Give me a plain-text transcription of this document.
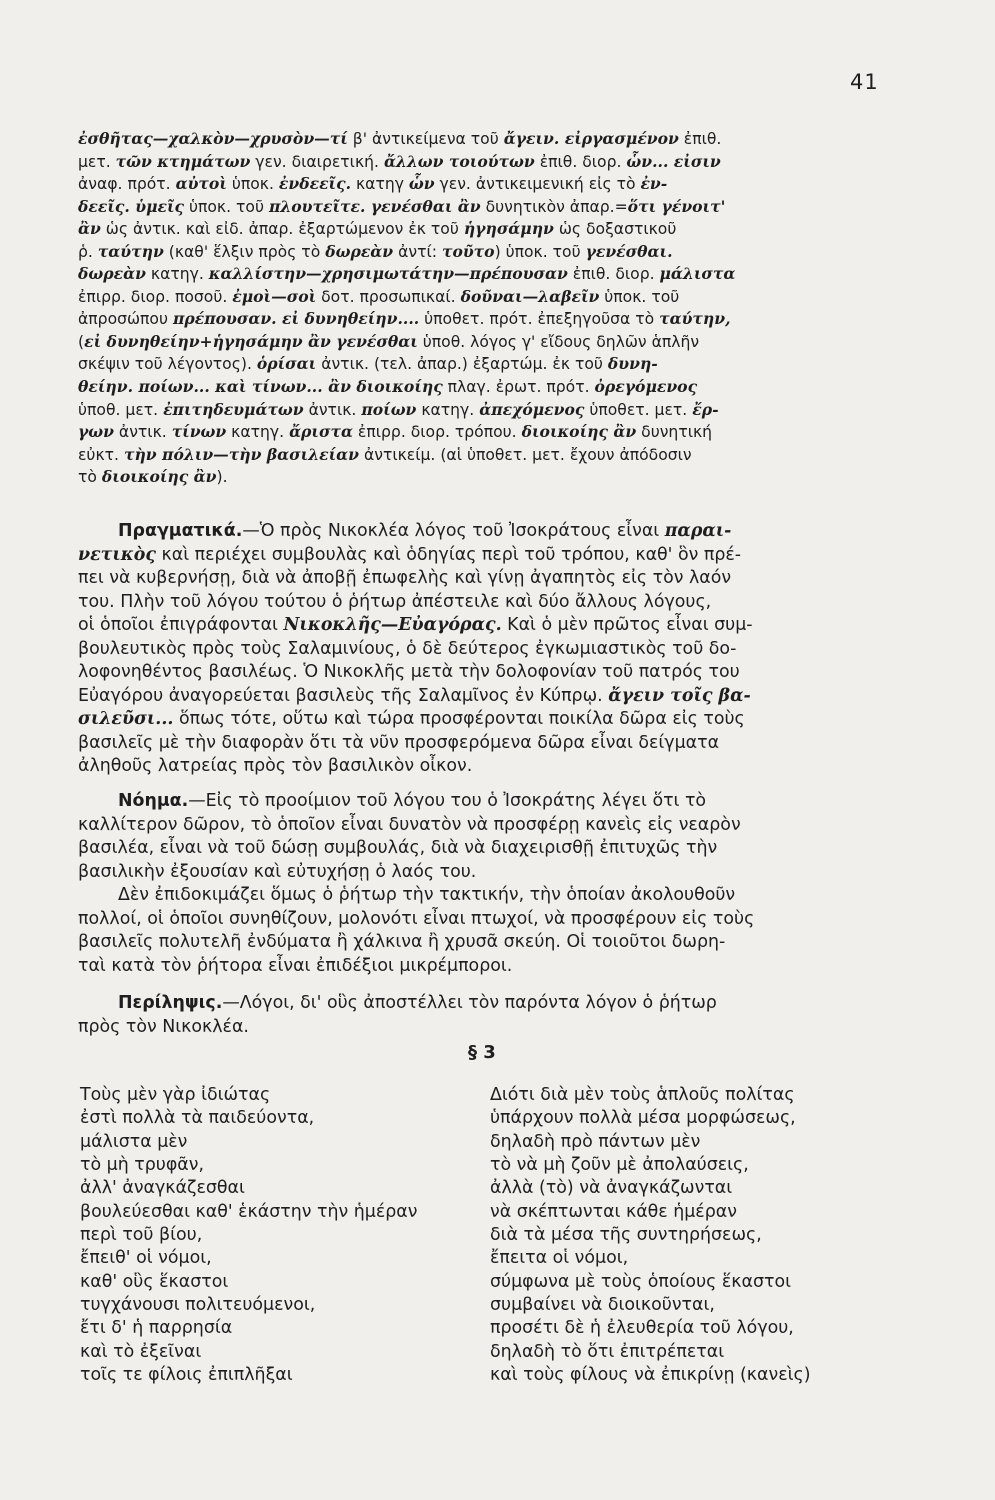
41
ἐσθῆτας—χαλκὸν—χρυσὸν—τί β' ἀντικείμενα τοῦ ἄγειν. εἰργασμένον ἐπιθ.
μετ. τῶν κτημάτων γεν. διαιρετική. ἄλλων τοιούτων ἐπιθ. διορ. ὧν... εἰσιν
ἀναφ. πρότ. αὐτοὶ ὑποκ. ἐνδεεῖς. κατηγ ὧν γεν. ἀντικειμενική εἰς τὸ ἐν-
δεεῖς. ὑμεῖς ὑποκ. τοῦ πλουτεῖτε. γενέσθαι ἂν δυνητικὸν ἀπαρ.=ὅτι γένοιτ'
ἂν ὡς ἀντικ. καὶ εἰδ. ἀπαρ. ἐξαρτώμενον ἐκ τοῦ ἡγησάμην ὡς δοξαστικοῦ
ῥ. ταύτην (καθ' ἕλξιν πρὸς τὸ δωρεὰν ἀντί: τοῦτο) ὑποκ. τοῦ γενέσθαι.
δωρεὰν κατηγ. καλλίστην—χρησιμωτάτην—πρέπουσαν ἐπιθ. διορ. μάλιστα
ἐπιρρ. διορ. ποσοῦ. ἐμοὶ—σοὶ δοτ. προσωπικαί. δοῦναι—λαβεῖν ὑποκ. τοῦ
ἀπροσώπου πρέπουσαν. εἰ δυνηθείην.... ὑποθετ. πρότ. ἐπεξηγοῦσα τὸ ταύτην,
(εἰ δυνηθείην+ἡγησάμην ἂν γενέσθαι ὑποθ. λόγος γ' εἴδους δηλῶν ἁπλῆν
σκέψιν τοῦ λέγοντος). ὁρίσαι ἀντικ. (τελ. ἀπαρ.) ἐξαρτώμ. ἐκ τοῦ δυνη-
θείην. ποίων... καὶ τίνων... ἂν διοικοίης πλαγ. ἐρωτ. πρότ. ὀρεγόμενος
ὑποθ. μετ. ἐπιτηδευμάτων ἀντικ. ποίων κατηγ. ἀπεχόμενος ὑποθετ. μετ. ἔρ-
γων ἀντικ. τίνων κατηγ. ἄριστα ἐπιρρ. διορ. τρόπου. διοικοίης ἂν δυνητική
εὐκτ. τὴν πόλιν—τὴν βασιλείαν ἀντικείμ. (αἱ ὑποθετ. μετ. ἔχουν ἀπόδοσιν
τὸ διοικοίης ἂν).
Πραγματικά.—Ὁ πρὸς Νικοκλέα λόγος τοῦ Ἰσοκράτους εἶναι παραι-
νετικὸς καὶ περιέχει συμβουλὰς καὶ ὁδηγίας περὶ τοῦ τρόπου, καθ' ὃν πρέ-
πει νὰ κυβερνήσῃ, διὰ νὰ ἀποβῇ ἐπωφελὴς καὶ γίνῃ ἀγαπητὸς εἰς τὸν λαόν
του. Πλὴν τοῦ λόγου τούτου ὁ ῥήτωρ ἀπέστειλε καὶ δύο ἄλλους λόγους,
οἱ ὁποῖοι ἐπιγράφονται Νικοκλῆς—Εὐαγόρας. Καὶ ὁ μὲν πρῶτος εἶναι συμ-
βουλευτικὸς πρὸς τοὺς Σαλαμινίους, ὁ δὲ δεύτερος ἐγκωμιαστικὸς τοῦ δο-
λοφονηθέντος βασιλέως. Ὁ Νικοκλῆς μετὰ τὴν δολοφονίαν τοῦ πατρός του
Εὐαγόρου ἀναγορεύεται βασιλεὺς τῆς Σαλαμῖνος ἐν Κύπρῳ. ἄγειν τοῖς βα-
σιλεῦσι... ὅπως τότε, οὕτω καὶ τώρα προσφέρονται ποικίλα δῶρα εἰς τοὺς
βασιλεῖς μὲ τὴν διαφορὰν ὅτι τὰ νῦν προσφερόμενα δῶρα εἶναι δείγματα
ἀληθοῦς λατρείας πρὸς τὸν βασιλικὸν οἶκον.
Νόημα.—Εἰς τὸ προοίμιον τοῦ λόγου του ὁ Ἰσοκράτης λέγει ὅτι τὸ
καλλίτερον δῶρον, τὸ ὁποῖον εἶναι δυνατὸν νὰ προσφέρῃ κανεὶς εἰς νεαρὸν
βασιλέα, εἶναι νὰ τοῦ δώσῃ συμβουλάς, διὰ νὰ διαχειρισθῇ ἐπιτυχῶς τὴν
βασιλικὴν ἐξουσίαν καὶ εὐτυχήσῃ ὁ λαός του.
Δὲν ἐπιδοκιμάζει ὅμως ὁ ῥήτωρ τὴν τακτικήν, τὴν ὁποίαν ἀκολουθοῦν
πολλοί, οἱ ὁποῖοι συνηθίζουν, μολονότι εἶναι πτωχοί, νὰ προσφέρουν εἰς τοὺς
βασιλεῖς πολυτελῆ ἐνδύματα ἢ χάλκινα ἢ χρυσᾶ σκεύη. Οἱ τοιοῦτοι δωρη-
ταὶ κατὰ τὸν ῥήτορα εἶναι ἐπιδέξιοι μικρέμποροι.
Περίληψις.—Λόγοι, δι' οὓς ἀποστέλλει τὸν παρόντα λόγον ὁ ῥήτωρ
πρὸς τὸν Νικοκλέα.
§ 3
Τοὺς μὲν γὰρ ἰδιώτας
ἐστὶ πολλὰ τὰ παιδεύοντα,
μάλιστα μὲν
τὸ μὴ τρυφᾶν,
ἀλλ' ἀναγκάζεσθαι
βουλεύεσθαι καθ' ἑκάστην τὴν ἡμέραν
περὶ τοῦ βίου,
ἔπειθ' οἱ νόμοι,
καθ' οὓς ἕκαστοι
τυγχάνουσι πολιτευόμενοι,
ἔτι δ' ἡ παρρησία
καὶ τὸ ἐξεῖναι
τοῖς τε φίλοις ἐπιπλῆξαι
Διότι διὰ μὲν τοὺς ἁπλοῦς πολίτας
ὑπάρχουν πολλὰ μέσα μορφώσεως,
δηλαδὴ πρὸ πάντων μὲν
τὸ νὰ μὴ ζοῦν μὲ ἀπολαύσεις,
ἀλλὰ (τὸ) νὰ ἀναγκάζωνται
νὰ σκέπτωνται κάθε ἡμέραν
διὰ τὰ μέσα τῆς συντηρήσεως,
ἔπειτα οἱ νόμοι,
σύμφωνα μὲ τοὺς ὁποίους ἕκαστοι
συμβαίνει νὰ διοικοῦνται,
προσέτι δὲ ἡ ἐλευθερία τοῦ λόγου,
δηλαδὴ τὸ ὅτι ἐπιτρέπεται
καὶ τοὺς φίλους νὰ ἐπικρίνῃ (κανεὶς)
